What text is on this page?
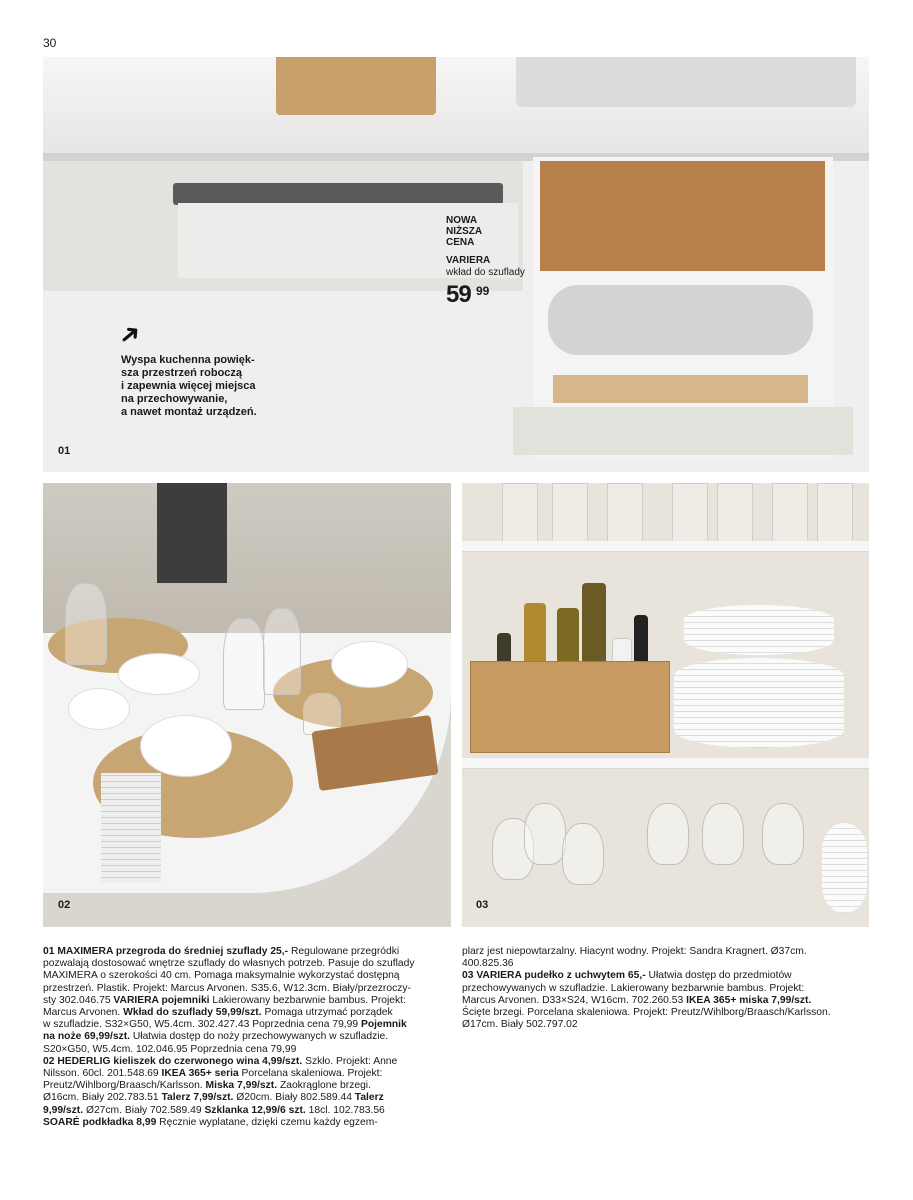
30
NOWA
NIŻSZA
CENA
VARIERA
wkład do szuflady
59 99
➜
Wyspa kuchenna powięk-
sza przestrzeń roboczą
i zapewnia więcej miejsca
na przechowywanie,
a nawet montaż urządzeń.
01
02	03

01 MAXIMERA przegroda do średniej szuflady 25,- Regulowane przegródki

pozwalają dostosować wnętrze szuflady do własnych potrzeb. Pasuje do szuflady

MAXIMERA o szerokości 40 cm. Pomaga maksymalnie wykorzystać dostępną

przestrzeń. Plastik. Projekt: Marcus Arvonen. S35.6, W12.3cm. Biały/przezroczy-

sty 302.046.75 VARIERA pojemniki Lakierowany bezbarwnie bambus. Projekt:

Marcus Arvonen. Wkład do szuflady 59,99/szt. Pomaga utrzymać porządek

w szufladzie. S32×G50, W5.4cm. 302.427.43 Poprzednia cena 79,99 Pojemnik

na noże 69,99/szt. Ułatwia dostęp do noży przechowywanych w szufladzie.

S20×G50, W5.4cm. 102.046.95 Poprzednia cena 79,99

02 HEDERLIG kieliszek do czerwonego wina 4,99/szt. Szkło. Projekt: Anne

Nilsson. 60cl. 201.548.69 IKEA 365+ seria Porcelana skaleniowa. Projekt:

Preutz/Wihlborg/Braasch/Karlsson. Miska 7,99/szt. Zaokrąglone brzegi.

Ø16cm. Biały 202.783.51 Talerz 7,99/szt. Ø20cm. Biały 802.589.44 Talerz

9,99/szt. Ø27cm. Biały 702.589.49 Szklanka 12,99/6 szt. 18cl. 102.783.56

SOARÉ podkładka 8,99 Ręcznie wyplatane, dzięki czemu każdy egzem-

plarz jest niepowtarzalny. Hiacynt wodny. Projekt: Sandra Kragnert. Ø37cm.

400.825.36

03 VARIERA pudełko z uchwytem 65,- Ułatwia dostęp do przedmiotów

przechowywanych w szufladzie. Lakierowany bezbarwnie bambus. Projekt:

Marcus Arvonen. D33×S24, W16cm. 702.260.53 IKEA 365+ miska 7,99/szt.

Ścięte brzegi. Porcelana skaleniowa. Projekt: Preutz/Wihlborg/Braasch/Karlsson.

Ø17cm. Biały 502.797.02
